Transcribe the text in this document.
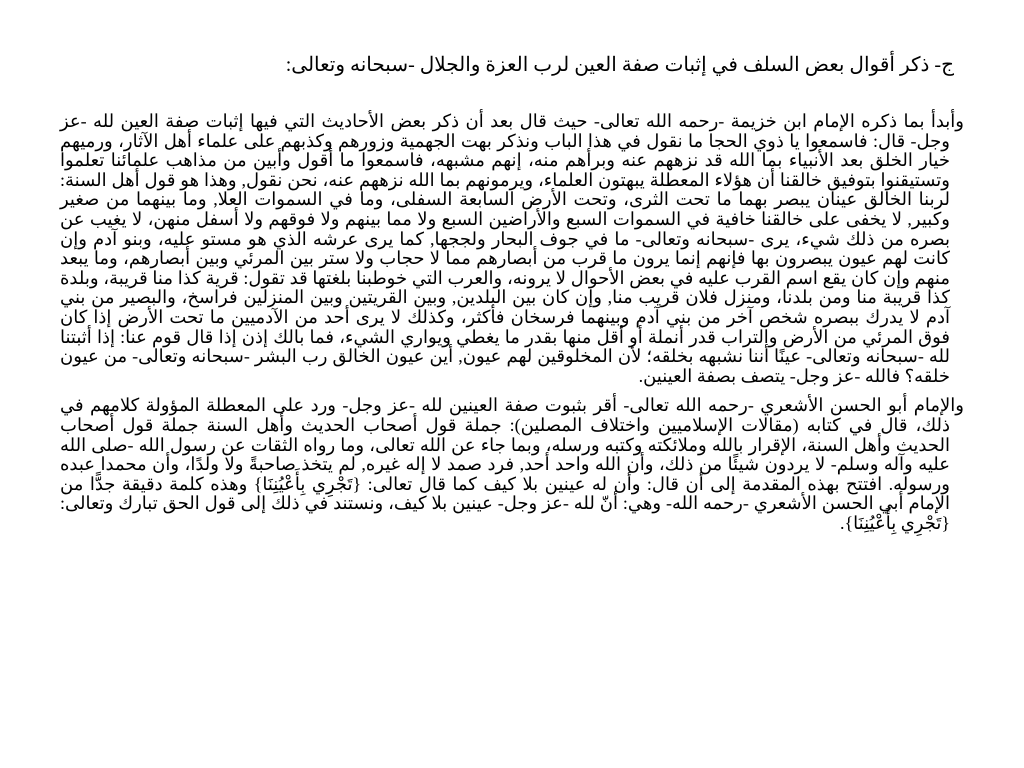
ج- ذكر أقوال بعض السلف في إثبات صفة العين لرب العزة والجلال -سبحانه وتعالى:

وأبدأ بما ذكره الإمام ابن خزيمة -رحمه الله تعالى- حيث قال بعد أن ذكر بعض الأحاديث التي فيها إثبات صفة العين لله -عز وجل- قال: فاسمعوا يا ذوي الحجا ما نقول في هذا الباب ونذكر بهت الجهمية وزورهم وكذبهم على علماء أهل الآثار، ورميهم خيار الخلق بعد الأنبياء بما الله قد نزههم عنه وبرأهم منه، إنهم مشبهه، فاسمعوا ما أقول وأبين من مذاهب علمائنا تعلموا وتستيقنوا بتوفيق خالقنا أن هؤلاء المعطلة يبهتون العلماء، ويرمونهم بما الله نزههم عنه، نحن نقول, وهذا هو قول أهل السنة: لربنا الخالق عينان يبصر بهما ما تحت الثرى، وتحت الأرض السابعة السفلى، وما في السموات العلا, وما بينهما من صغير وكبير, لا يخفى على خالقنا خافية في السموات السبع والأراضين السبع ولا مما بينهم ولا فوقهم ولا أسفل منهن، لا يغيب عن بصره من ذلك شيء، يرى -سبحانه وتعالى- ما في جوف البحار ولججها, كما يرى عرشه الذي هو مستو عليه، وبنو آدم وإن كانت لهم عيون يبصرون بها فإنهم إنما يرون ما قرب من أبصارهم مما لا حجاب ولا ستر بين المرئي وبين أبصارهم، وما يبعد منهم وإن كان يقع اسم القرب عليه في بعض الأحوال لا يرونه، والعرب التي خوطبنا بلغتها قد تقول: قرية كذا منا قريبة، وبلدة كذا قريبة منا ومن بلدنا، ومنزل فلان قريب منا, وإن كان بين البلدين, وبين القريتين وبين المنزلين فراسخ، والبصير من بني آدم لا يدرك ببصره شخص آخر من بني آدم وبينهما فرسخان فأكثر، وكذلك لا يرى أحد من الآدميين ما تحت الأرض إذا كان فوق المرئي من الأرض والتراب قدر أنملة أو أقل منها بقدر ما يغطي ويواري الشيء، فما بالك إذن إذا قال قوم عنا: إذا أثبتنا لله -سبحانه وتعالى- عينًا أننا نشبهه بخلقه؛ لأن المخلوقين لهم عيون, أين عيون الخالق رب البشر -سبحانه وتعالى- من عيون خلقه؟ فالله -عز وجل- يتصف بصفة العينين.

والإمام أبو الحسن الأشعري -رحمه الله تعالى- أقر بثبوت صفة العينين لله -عز وجل- ورد على المعطلة المؤولة كلامهم في ذلك، قال في كتابه (مقالات الإسلاميين واختلاف المصلين): جملة قول أصحاب الحديث وأهل السنة جملة قول أصحاب الحديث وأهل السنة، الإقرار بالله وملائكته وكتبه ورسله، وبما جاء عن الله تعالى، وما رواه الثقات عن رسول الله -صلى الله عليه وآله وسلم- لا يردون شيئًا من ذلك، وأن الله واحد أحد, فرد صمد لا إله غيره, لم يتخذ صاحبةً ولا ولدًا، وأن محمدا عبده ورسوله. افتتح بهذه المقدمة إلى أن قال: وأن له عينين بلا كيف كما قال تعالى: {تَجْرِي بِأَعْيُنِنَا} وهذه كلمة دقيقة جدًّا من الإمام أبي الحسن الأشعري -رحمه الله- وهي: أنّ لله -عز وجل- عينين بلا كيف، ونستند في ذلك إلى قول الحق تبارك وتعالى: {تَجْرِي بِأَعْيُنِنَا}.
